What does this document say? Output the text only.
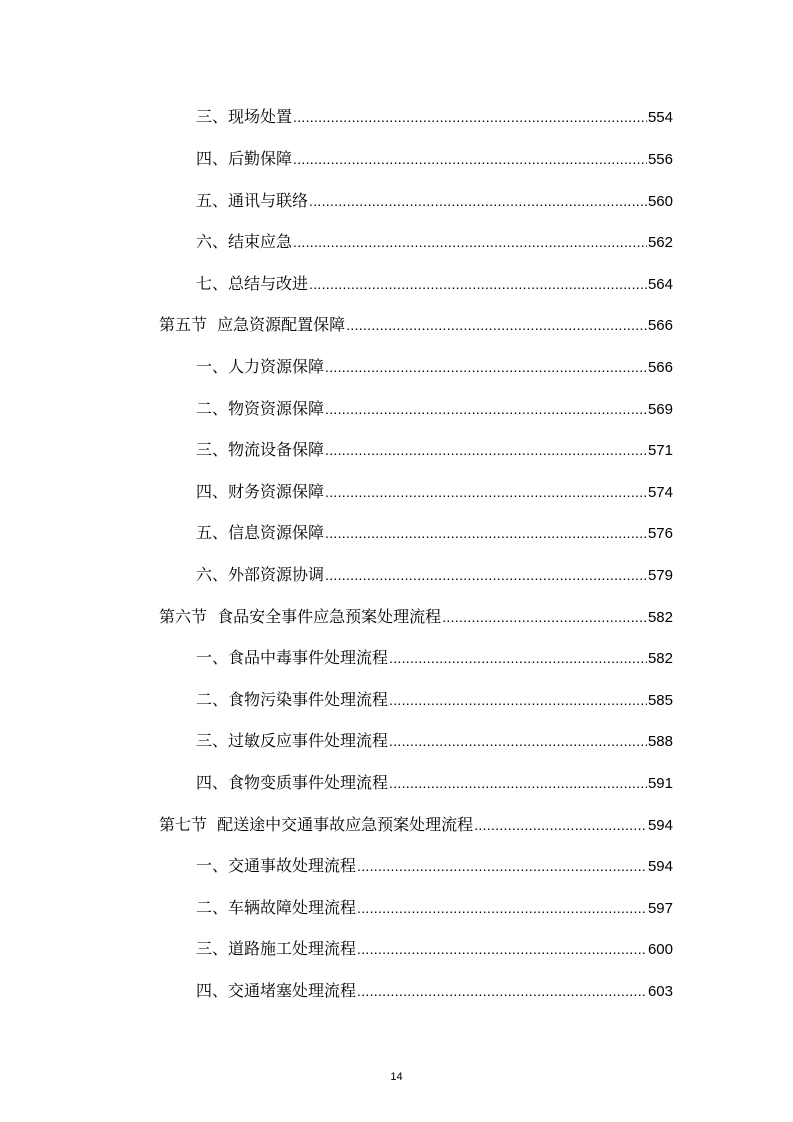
三、现场处置 .....	554
四、后勤保障 .....	556
五、通讯与联络 .....	560
六、结束应急 .....	562
七、总结与改进 .....	564
第五节  应急资源配置保障 .....	566
一、人力资源保障 .....	566
二、物资资源保障 .....	569
三、物流设备保障 .....	571
四、财务资源保障 .....	574
五、信息资源保障 .....	576
六、外部资源协调 .....	579
第六节  食品安全事件应急预案处理流程 .....	582
一、食品中毒事件处理流程 .....	582
二、食物污染事件处理流程 .....	585
三、过敏反应事件处理流程 .....	588
四、食物变质事件处理流程 .....	591
第七节  配送途中交通事故应急预案处理流程 .....	594
一、交通事故处理流程 .....	594
二、车辆故障处理流程 .....	597
三、道路施工处理流程 .....	600
四、交通堵塞处理流程 .....	603
14
